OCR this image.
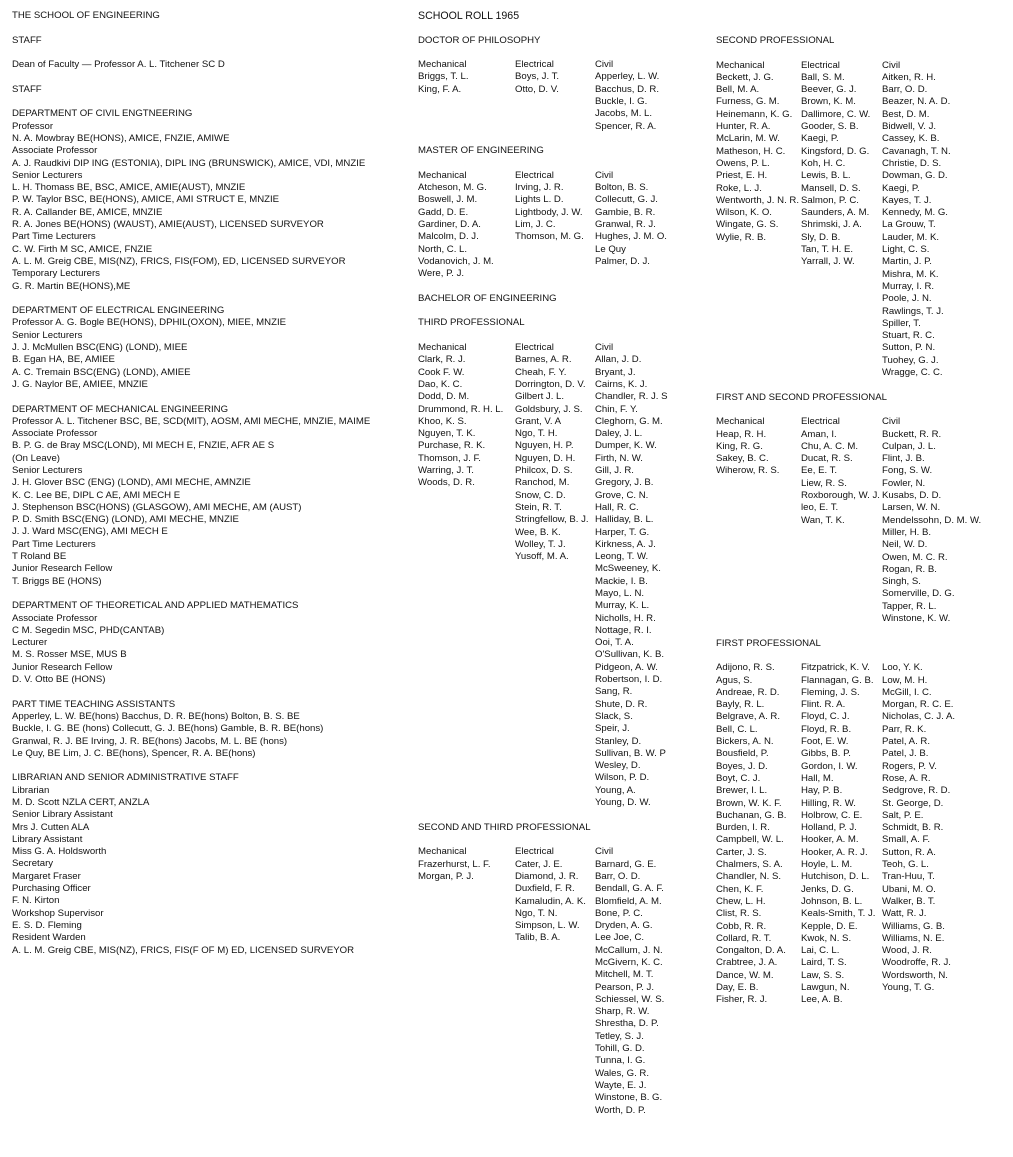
THE SCHOOL OF ENGINEERING
STAFF
Dean of Faculty — Professor A. L. Titchener SC D
STAFF
DEPARTMENT OF CIVIL ENGTNEERING
Professor
N. A. Mowbray BE(HONS), AMICE, FNZIE, AMIWE
Associate Professor
A. J. Raudkivi DIP ING (ESTONIA), DIPL ING (BRUNSWICK), AMICE, VDI, MNZIE
Senior Lecturers
L. H. Thomass BE, BSC, AMICE, AMIE(AUST), MNZIE
P. W. Taylor BSC, BE(HONS), AMICE, AMI STRUCT E, MNZIE
R. A. Callander BE, AMICE, MNZIE
R. A. Jones BE(HONS) (WAUST), AMIE(AUST), LICENSED SURVEYOR
Part Time Lecturers
C. W. Firth M SC, AMICE, FNZIE
A. L. M. Greig CBE, MIS(NZ), FRICS, FIS(FOM), ED, LICENSED SURVEYOR
Temporary Lecturers
G. R. Martin BE(HONS),ME
DEPARTMENT OF ELECTRICAL ENGINEERING
Professor A. G. Bogle BE(HONS), DPHIL(OXON), MIEE, MNZIE
Senior Lecturers
J. J. McMullen BSC(ENG) (LOND), MIEE
B. Egan HA, BE, AMIEE
A. C. Tremain BSC(ENG) (LOND), AMIEE
J. G. Naylor BE, AMIEE, MNZIE
DEPARTMENT OF MECHANICAL ENGINEERING
Professor A. L. Titchener BSC, BE, SCD(MIT), AOSM, AMI MECHE, MNZIE, MAIME
Associate Professor
B. P. G. de Bray MSC(LOND), MI MECH E, FNZIE, AFR AE S
(On Leave)
Senior Lecturers
J. H. Glover BSC (ENG) (LOND), AMI MECHE, AMNZIE
K. C. Lee BE, DIPL C AE, AMI MECH E
J. Stephenson BSC(HONS) (GLASGOW), AMI MECHE, AM (AUST)
P. D. Smith BSC(ENG) (LOND), AMI MECHE, MNZIE
J. J. Ward MSC(ENG), AMI MECH E
Part Time Lecturers
T Roland BE
Junior Research Fellow
T. Briggs BE (HONS)
DEPARTMENT OF THEORETICAL AND APPLIED MATHEMATICS
Associate Professor
C M. Segedin MSC, PHD(CANTAB)
Lecturer
M. S. Rosser MSE, MUS B
Junior Research Fellow
D. V. Otto BE (HONS)
PART TIME TEACHING ASSISTANTS
Apperley, L. W. BE(hons) Bacchus, D. R. BE(hons) Bolton, B. S. BE
Buckle, I. G. BE (hons) Collecutt, G. J. BE(hons) Gamble, B. R. BE(hons)
Granwal, R. J. BE Irving, J. R. BE(hons) Jacobs, M. L. BE (hons)
Le Quy, BE Lim, J. C. BE(hons), Spencer, R. A. BE(hons)
LIBRARIAN AND SENIOR ADMINISTRATIVE STAFF
Librarian
M. D. Scott NZLA CERT, ANZLA
Senior Library Assistant
Mrs J. Cutten ALA
Library Assistant
Miss G. A. Holdsworth
Secretary
Margaret Fraser
Purchasing Officer
F. N. Kirton
Workshop Supervisor
E. S. D. Fleming
Resident Warden
A. L. M. Greig CBE, MIS(NZ), FRICS, FIS(F OF M) ED, LICENSED SURVEYOR
SCHOOL ROLL 1965
DOCTOR OF PHILOSOPHY
Mechanical
Briggs, T. L.
King, F. A.
Electrical
Boys, J. T.
Otto, D. V.
Civil
Apperley, L. W.
Bacchus, D. R.
Buckle, I. G.
Jacobs, M. L.
Spencer, R. A.
MASTER OF ENGINEERING
Mechanical
Atcheson, M. G.
Boswell, J. M.
Gadd, D. E.
Gardiner, D. A.
Malcolm, D. J.
North, C. L.
Vodanovich, J. M.
Were, P. J.
Electrical
Irving, J. R.
Lights L. D.
Lightbody, J. W.
Lim, J. C.
Thomson, M. G.
Civil
Bolton, B. S.
Collecutt, G. J.
Gambie, B. R.
Granwal, R. J.
Hughes, J. M. O.
Le Quy
Palmer, D. J.
BACHELOR OF ENGINEERING
THIRD PROFESSIONAL
Mechanical
Clark, R. J.
Cook F. W.
Dao, K. C.
Dodd, D. M.
Drummond, R. H. L.
Khoo, K. S.
Nguyen, T. K.
Purchase, R. K.
Thomson, J. F.
Warring, J. T.
Woods, D. R.
Electrical
Barnes, A. R.
Cheah, F. Y.
Dorrington, D. V.
Gilbert J. L.
Goldsbury, J. S.
Grant, V. A
Ngo, T. H.
Nguyen, H. P.
Nguyen, D. H.
Philcox, D. S.
Ranchod, M.
Snow, C. D.
Stein, R. T.
Stringfellow, B. J.
Wee, B. K.
Wolley, T. J.
Yusoff, M. A.
Civil
Allan, J. D.
Bryant, J.
Cairns, K. J.
Chandler, R. J. S
Chin, F. Y.
Cleghorn, G. M.
Daley, J. L.
Dumper, K. W.
Firth, N. W.
Gill, J. R.
Gregory, J. B.
Grove, C. N.
Hall, R. C.
Halliday, B. L.
Harper, T. G.
Kirkness, A. J.
Leong, T. W.
McSweeney, K.
Mackie, I. B.
Mayo, L. N.
Murray, K. L.
Nicholls, H. R.
Nottage, R. I.
Ooi, T. A.
O'Sullivan, K. B.
Pidgeon, A. W.
Robertson, I. D.
Sang, R.
Shute, D. R.
Slack, S.
Speir, J.
Stanley, D.
Sullivan, B. W. P
Wesley, D.
Wilson, P. D.
Young, A.
Young, D. W.
SECOND AND THIRD PROFESSIONAL
Mechanical
Frazerhurst, L. F.
Morgan, P. J.
Electrical
Cater, J. E.
Diamond, J. R.
Duxfield, F. R.
Kamaludin, A. K.
Ngo, T. N.
Simpson, L. W.
Talib, B. A.
Civil
Barnard, G. E.
Barr, O. D.
Bendall, G. A. F.
Blomfield, A. M.
Bone, P. C.
Dryden, A. G.
Lee Joe, C.
McCallum, J. N.
McGivern, K. C.
Mitchell, M. T.
Pearson, P. J.
Schiessel, W. S.
Sharp, R. W.
Shrestha, D. P.
Tetley, S. J.
Tohill, G. D.
Tunna, I. G.
Wales, G. R.
Wayte, E. J.
Winstone, B. G.
Worth, D. P.
SECOND PROFESSIONAL
Mechanical
Beckett, J. G.
Bell, M. A.
Furness, G. M.
Heinemann, K. G.
Hunter, R. A.
McLarin, M. W.
Matheson, H. C.
Owens, P. L.
Priest, E. H.
Roke, L. J.
Wentworth, J. N. R.
Wilson, K. O.
Wingate, G. S.
Wylie, R. B.
Electrical
Ball, S. M.
Beever, G. J.
Brown, K. M.
Dallimore, C. W.
Gooder, S. B.
Kaegi, P.
Kingsford, D. G.
Koh, H. C.
Lewis, B. L.
Mansell, D. S.
Salmon, P. C.
Saunders, A. M.
Shrimski, J. A.
Sly, D. B.
Tan, T. H. E.
Yarrall, J. W.
Civil
Aitken, R. H.
Barr, O. D.
Beazer, N. A. D.
Best, D. M.
Bidwell, V. J.
Cassey, K. B.
Cavanagh, T. N.
Christie, D. S.
Dowman, G. D.
Kaegi, P.
Kayes, T. J.
Kennedy, M. G.
La Grouw, T.
Lauder, M. K.
Light, C. S.
Martin, J. P.
Mishra, M. K.
Murray, I. R.
Poole, J. N.
Rawlings, T. J.
Spiller, T.
Stuart, R. C.
Sutton, P. N.
Tuohey, G. J.
Wragge, C. C.
FIRST AND SECOND PROFESSIONAL
Mechanical
Heap, R. H.
King, R. G.
Sakey, B. C.
Wiherow, R. S.
Electrical
Aman, I.
Chu, A. C. M.
Ducat, R. S.
Ee, E. T.
Liew, R. S.
Roxborough, W. J.
leo, E. T.
Wan, T. K.
Civil
Buckett, R. R.
Culpan, J. L.
Flint, J. B.
Fong, S. W.
Fowler, N.
Kusabs, D. D.
Larsen, W. N.
Mendelssohn, D. M. W.
Miller, H. B.
Neil, W. D.
Owen, M. C. R.
Rogan, R. B.
Singh, S.
Somerville, D. G.
Tapper, R. L.
Winstone, K. W.
FIRST PROFESSIONAL
Adijono, R. S.
Agus, S.
Andreae, R. D.
Bayly, R. L.
Belgrave, A. R.
Bell, C. L.
Bickers, A. N.
Bousfield, P.
Boyes, J. D.
Boyt, C. J.
Brewer, I. L.
Brown, W. K. F.
Buchanan, G. B.
Burden, I. R.
Campbell, W. L.
Carter, J. S.
Chalmers, S. A.
Chandler, N. S.
Chen, K. F.
Chew, L. H.
Clist, R. S.
Cobb, R. R.
Collard, R. T.
Congalton, D. A.
Crabtree, J. A.
Dance, W. M.
Day, E. B.
Fisher, R. J.
Fitzpatrick, K. V.
Flannagan, G. B.
Fleming, J. S.
Flint. R. A.
Floyd, C. J.
Floyd, R. B.
Foot, E. W.
Gibbs, B. P.
Gordon, I. W.
Hall, M.
Hay, P. B.
Hilling, R. W.
Holbrow, C. E.
Holland, P. J.
Hooker, A. M.
Hooker, A. R. J.
Hoyle, L. M.
Hutchison, D. L.
Jenks, D. G.
Johnson, B. L.
Keals-Smith, T. J.
Kepple, D. E.
Kwok, N. S.
Lai, C. L.
Laird, T. S.
Law, S. S.
Lawgun, N.
Lee, A. B.
Loo, Y. K.
Low, M. H.
McGill, I. C.
Morgan, R. C. E.
Nicholas, C. J. A.
Parr, R. K.
Patel, A. R.
Patel, J. B.
Rogers, P. V.
Rose, A. R.
Sedgrove, R. D.
St. George, D.
Salt, P. E.
Schmidt, B. R.
Small, A. F.
Sutton, R. A.
Teoh, G. L.
Tran-Huu, T.
Ubani, M. O.
Walker, B. T.
Watt, R. J.
Williams, G. B.
Williams, N. E.
Wood, J. R.
Woodroffe, R. J.
Wordsworth, N.
Young, T. G.
